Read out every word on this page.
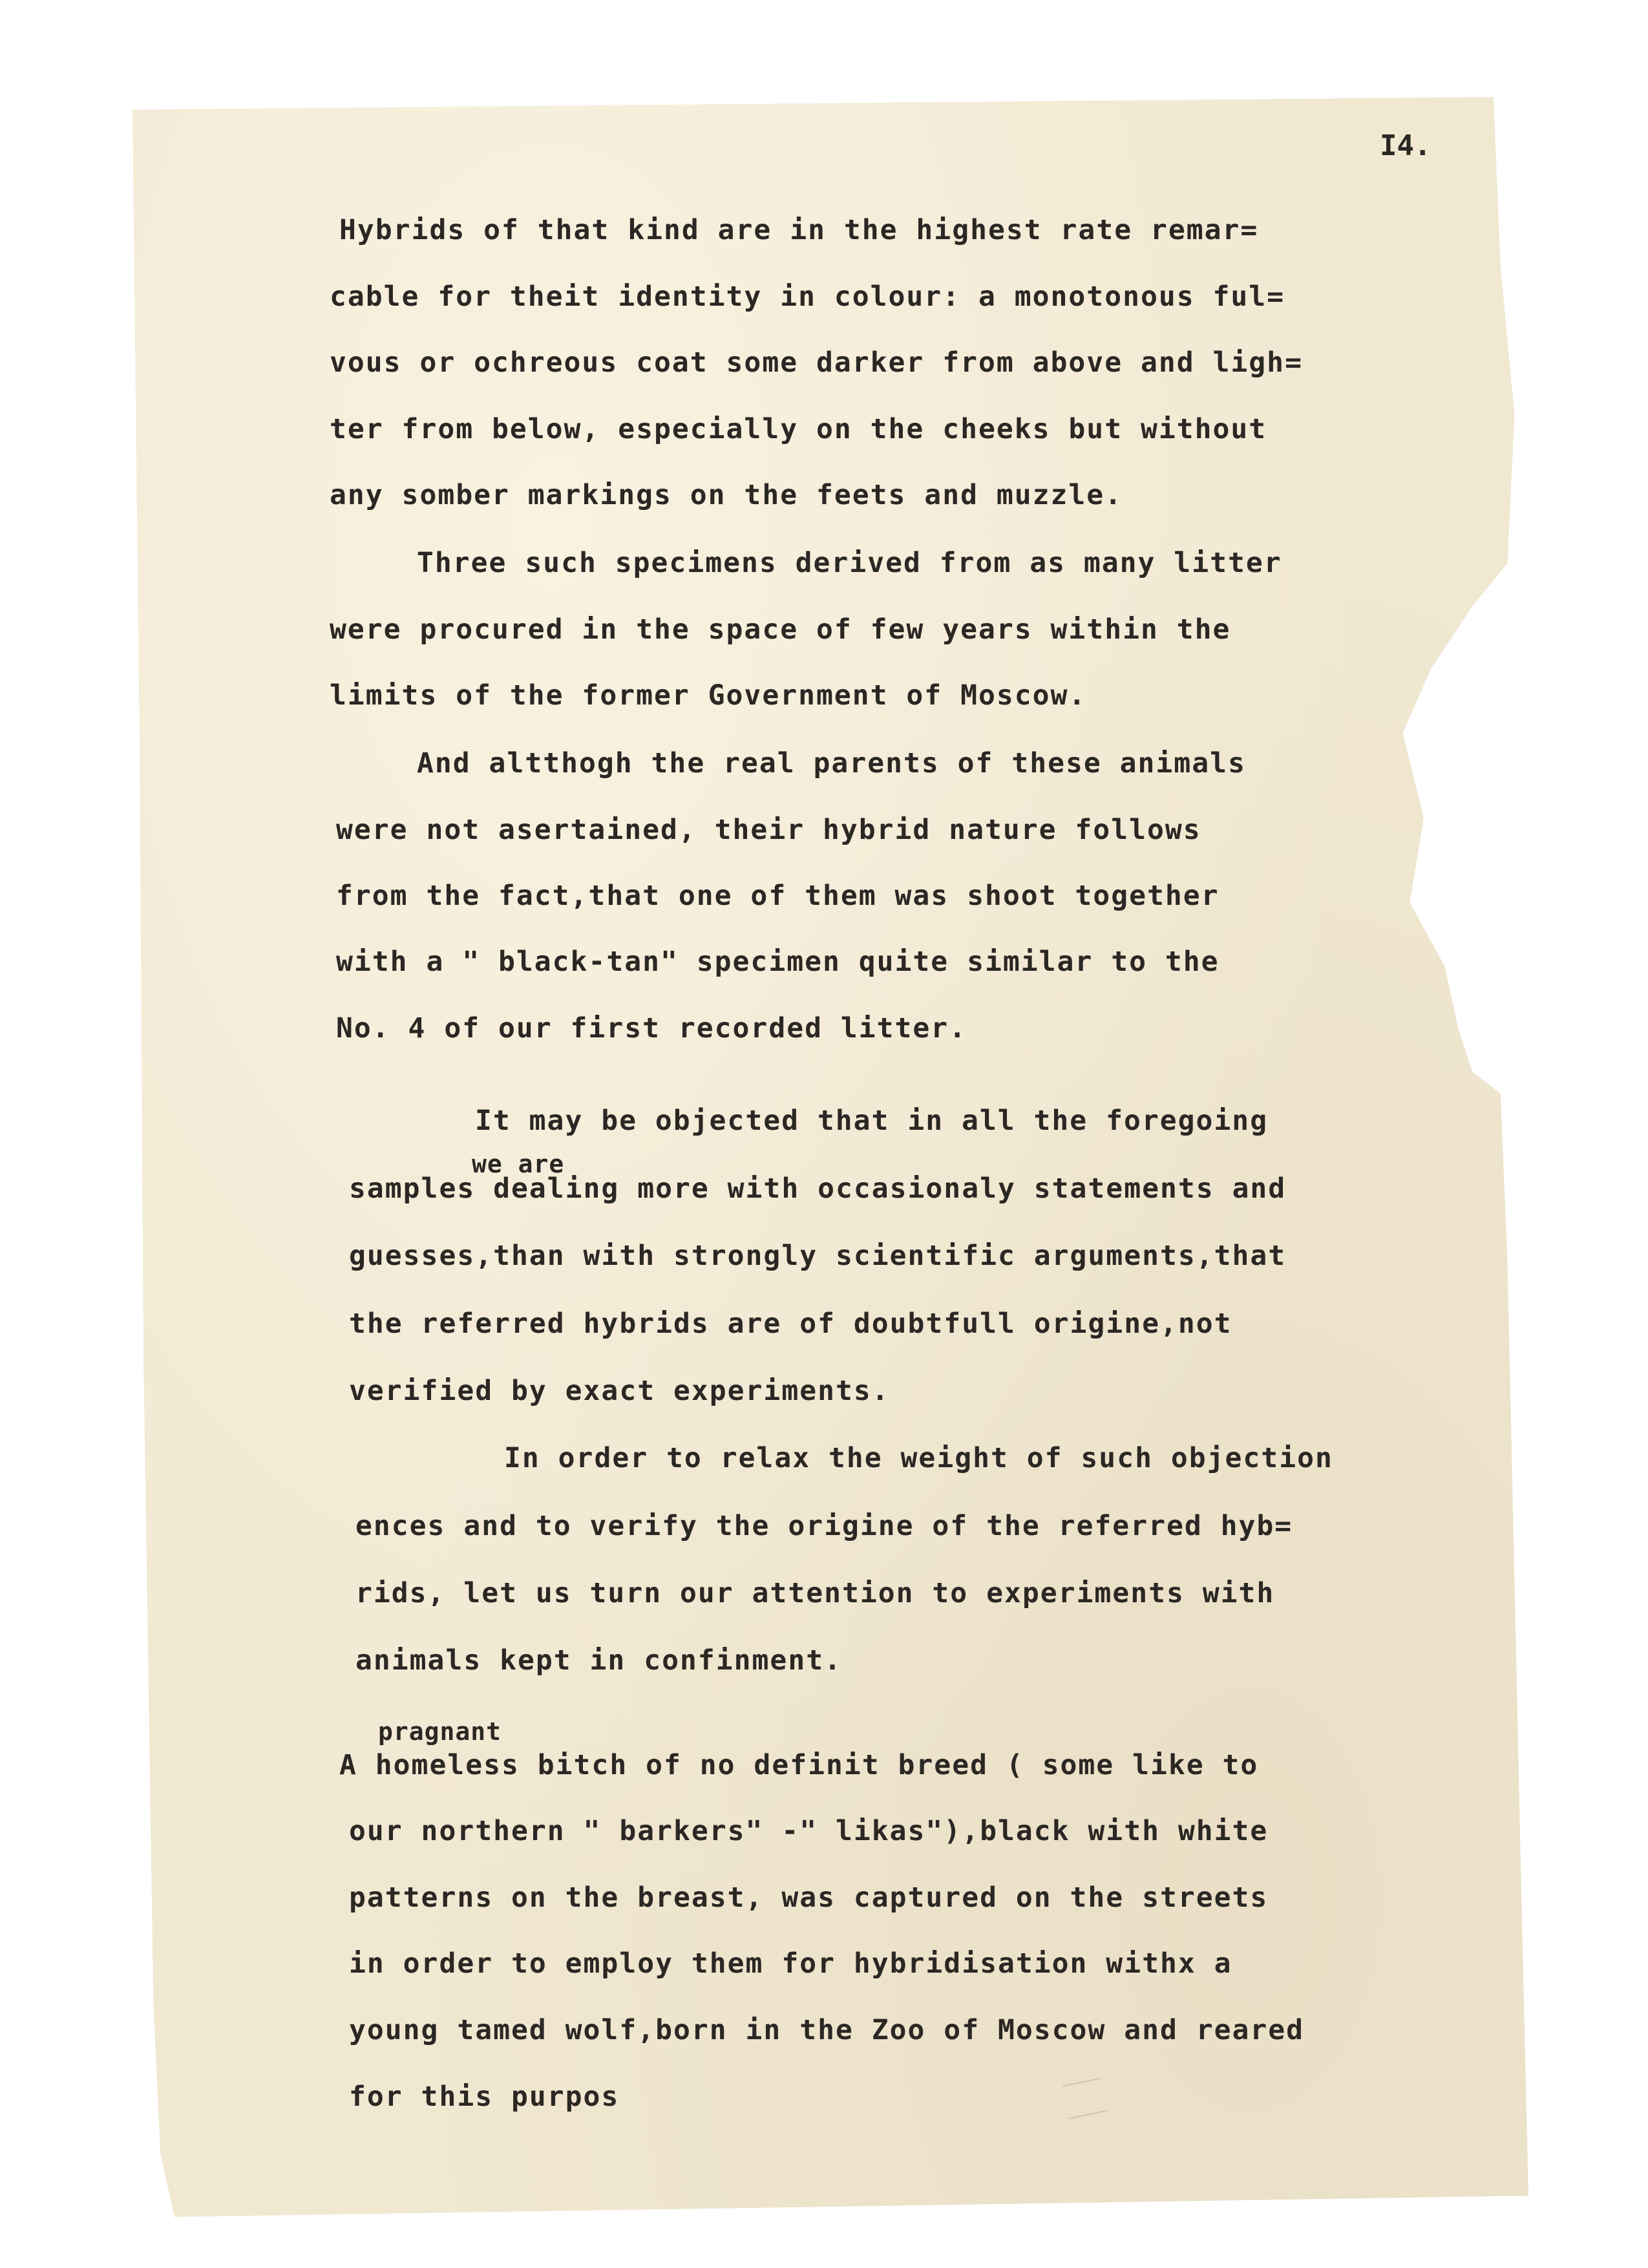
I4.
Hybrids of that kind are in the highest rate remar=
cable for theit identity in colour: a monotonous ful=
vous or ochreous coat some darker from above and ligh=
ter from below, especially on the cheeks but without
any somber markings on the feets and muzzle.
Three such specimens derived from as many litter
were procured in the space of few years within the
limits of the former Government of Moscow.
And altthogh the real parents of these animals
were not asertained, their hybrid nature follows
from the fact,that one of them was shoot together
with a " black-tan" specimen quite similar to the
No. 4 of our first recorded litter.
It may be objected that in all the foregoing
we are
samples dealing more with occasionaly statements and
guesses,than with strongly scientific arguments,that
the referred hybrids are of doubtfull origine,not
verified by exact experiments.
In order to relax the weight of such objection
ences and to verify the origine of the referred hyb=
rids, let us turn our attention to experiments with
animals kept in confinment.
pragnant
A homeless bitch of no definit breed ( some like to
our northern " barkers" -" likas"),black with white
patterns on the breast, was captured on the streets
in order to employ them for hybridisation withx a
young tamed wolf,born in the Zoo of Moscow and reared
for this purpos
